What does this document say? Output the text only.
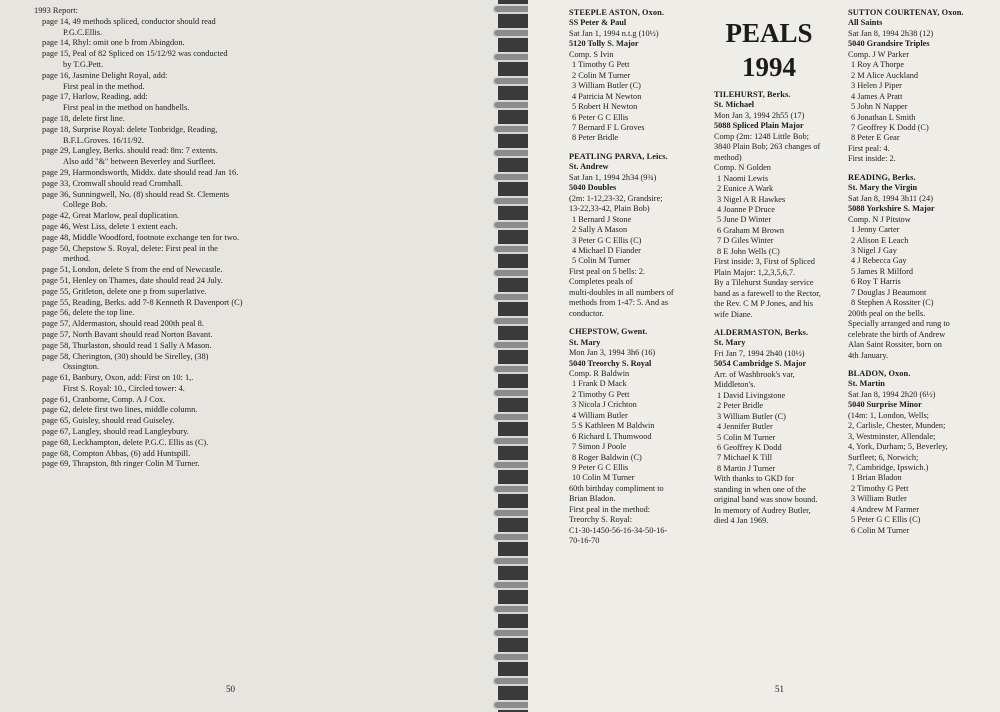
1993 Report:

page 14, 49 methods spliced, conductor should read
P.G.C.Ellis.
page 14, Rhyl: omit one b from Abingdon.
page 15, Peal of 82 Spliced on 15/12/92 was conducted
by T.G.Pett.
page 16, Jasmine Delight Royal, add:
First peal in the method.
page 17, Harlow, Reading, add:
First peal in the method on handbells.
page 18, delete first line.
page 18, Surprise Royal: delete Tonbridge, Reading,
B.F.L.Groves. 16/11/92.
page 29, Langley, Berks. should read: 8m: 7 extents.
Also add "&" between Beverley and Surfleet.
page 29, Harmondsworth, Middx. date should read Jan 16.
page 33, Cromwall should read Cromhall.
page 36, Sunningwell, No. (8) should read St. Clements
College Bob.
page 42, Great Marlow, peal duplication.
page 46, West Liss, delete 1 extent each.
page 48, Middle Woodford, footnote exchange ten for two.
page 50, Chepstow S. Royal, delete: First peal in the
method.
page 51, London, delete S from the end of Newcastle.
page 51, Henley on Thames, date should read 24 July.
page 55, Gritleton, delete one p from superlative.
page 55, Reading, Berks. add 7-8 Kenneth R Davenport (C)
page 56, delete the top line.
page 57, Aldermaston, should read 200th peal 8.
page 57, North Bavant should read Norton Bavant.
page 58, Thurlaston, should read 1 Sally A Mason.
page 58, Cherington, (30) should be Sirelley, (38)
Ossington.
page 61, Banbury, Oxon, add: First on 10: 1,.
First S. Royal: 10., Circled tower: 4.
page 61, Cranborne, Comp. A J Cox.
page 62, delete first two lines, middle column.
page 65, Guisley, should read Guiseley.
page 67, Langley, should read Langleybury.
page 68, Leckhampton, delete P.G.C. Ellis as (C).
page 68, Compton Abbas, (6) add Huntspill.
page 69, Thrapston, 8th ringer Colin M Turner.
50
PEALS
1994
STEEPLE ASTON, Oxon.
SS Peter & Paul
Sat Jan 1, 1994 n.t.g (10½)
5120 Tolly S. Major
Comp. S Ivin
1 Timothy G Pett
2 Colin M Turner
3 William Butler (C)
4 Patricia M Newton
5 Robert H Newton
6 Peter G C Ellis
7 Bernard F L Groves
8 Peter Bridle
PEATLING PARVA, Leics.
St. Andrew
Sat Jan 1, 1994 2h34 (9¾)
5040 Doubles
(2m: 1-12,23-32, Grandsire;
13-22,33-42, Plain Bob)
1 Bernard J Stone
2 Sally A Mason
3 Peter G C Ellis (C)
4 Michael D Fiander
5 Colin M Turner
First peal on 5 bells: 2.
Completes peals of
multi-doubles in all numbers of
methods from 1-47: 5. And as
conductor.
CHEPSTOW, Gwent.
St. Mary
Mon Jan 3, 1994 3h6 (16)
5040 Treorchy S. Royal
Comp. R Baldwin
1 Frank D Mack
2 Timothy G Pett
3 Nicola J Crichton
4 William Butler
5 S Kathleen M Baldwin
6 Richard L Thumwood
7 Simon J Poole
8 Roger Baldwin (C)
9 Peter G C Ellis
10 Colin M Turner
60th birthday compliment to
Brian Bladon.
First peal in the method:
Treorchy S. Royal:
C1-30-1450-56-16-34-50-16-
70-16-70
TILEHURST, Berks.
St. Michael
Mon Jan 3, 1994 2h55 (17)
5088 Spliced Plain Major
Comp (2m: 1248 Little Bob;
3840 Plain Bob; 263 changes of
method)
Comp. N Golden
1 Naomi Lewis
2 Eunice A Wark
3 Nigel A R Hawkes
4 Joanne P Druce
5 June D Winter
6 Graham M Brown
7 D Giles Winter
8 E John Wells (C)
First inside: 3, First of Spliced
Plain Major: 1,2,3,5,6,7.
By a Tilehurst Sunday service
band as a farewell to the Rector,
the Rev. C M P Jones, and his
wife Diane.
ALDERMASTON, Berks.
St. Mary
Fri Jan 7, 1994 2h40 (10½)
5054 Cambridge S. Major
Arr. of Washbrook's var,
Middleton's.
1 David Livingstone
2 Peter Bridle
3 William Butler (C)
4 Jennifer Butler
5 Colin M Turner
6 Geoffrey K Dodd
7 Michael K Till
8 Martin J Turner
With thanks to GKD for
standing in when one of the
original band was snow bound.
In memory of Audrey Butler,
died 4 Jan 1969.
SUTTON COURTENAY, Oxon.
All Saints
Sat Jan 8, 1994 2h38 (12)
5040 Grandsire Triples
Comp. J W Parker
1 Roy A Thorpe
2 M Alice Auckland
3 Helen J Piper
4 James A Pratt
5 John N Napper
6 Jonathan L Smith
7 Geoffrey K Dodd (C)
8 Peter E Gear
First peal: 4.
First inside: 2.
READING, Berks.
St. Mary the Virgin
Sat Jan 8, 1994 3h11 (24)
5088 Yorkshire S. Major
Comp. N J Pitstow
1 Jenny Carter
2 Alison E Leach
3 Nigel J Gay
4 J Rebecca Gay
5 James R Milford
6 Roy T Harris
7 Douglas J Beaumont
8 Stephen A Rossiter (C)
200th peal on the bells.
Specially arranged and rung to
celebrate the birth of Andrew
Alan Saint Rossiter, born on
4th January.
BLADON, Oxon.
St. Martin
Sat Jan 8, 1994 2h20 (6½)
5040 Surprise Minor
(14m: 1, London, Wells;
2, Carlisle, Chester, Munden;
3, Westminster, Allendale;
4, York, Durham; 5, Beverley,
Surfleet; 6, Norwich;
7, Cambridge, Ipswich.)
1 Brian Bladon
2 Timothy G Pett
3 William Butler
4 Andrew M Farmer
5 Peter G C Ellis (C)
6 Colin M Turner
51
